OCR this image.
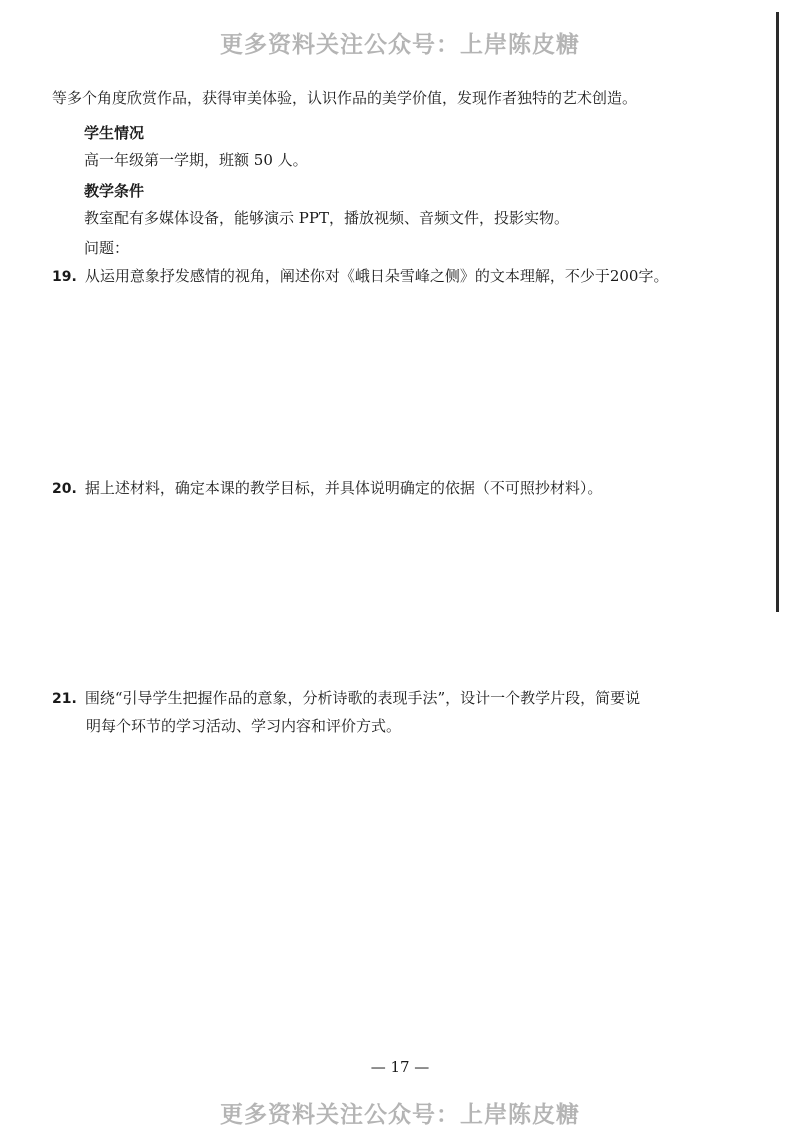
更多资料关注公众号：上岸陈皮糖
等多个角度欣赏作品，获得审美体验，认识作品的美学价值，发现作者独特的艺术创造。
学生情况
高一年级第一学期，班额 50 人。
教学条件
教室配有多媒体设备，能够演示 PPT，播放视频、音频文件，投影实物。
问题：
19. 从运用意象抒发感情的视角，阐述你对《峨日朵雪峰之侧》的文本理解，不少于200字。
20. 据上述材料，确定本课的教学目标，并具体说明确定的依据（不可照抄材料）。
21. 围绕“引导学生把握作品的意象，分析诗歌的表现手法”，设计一个教学片段，简要说
明每个环节的学习活动、学习内容和评价方式。
— 17 —
更多资料关注公众号：上岸陈皮糖
